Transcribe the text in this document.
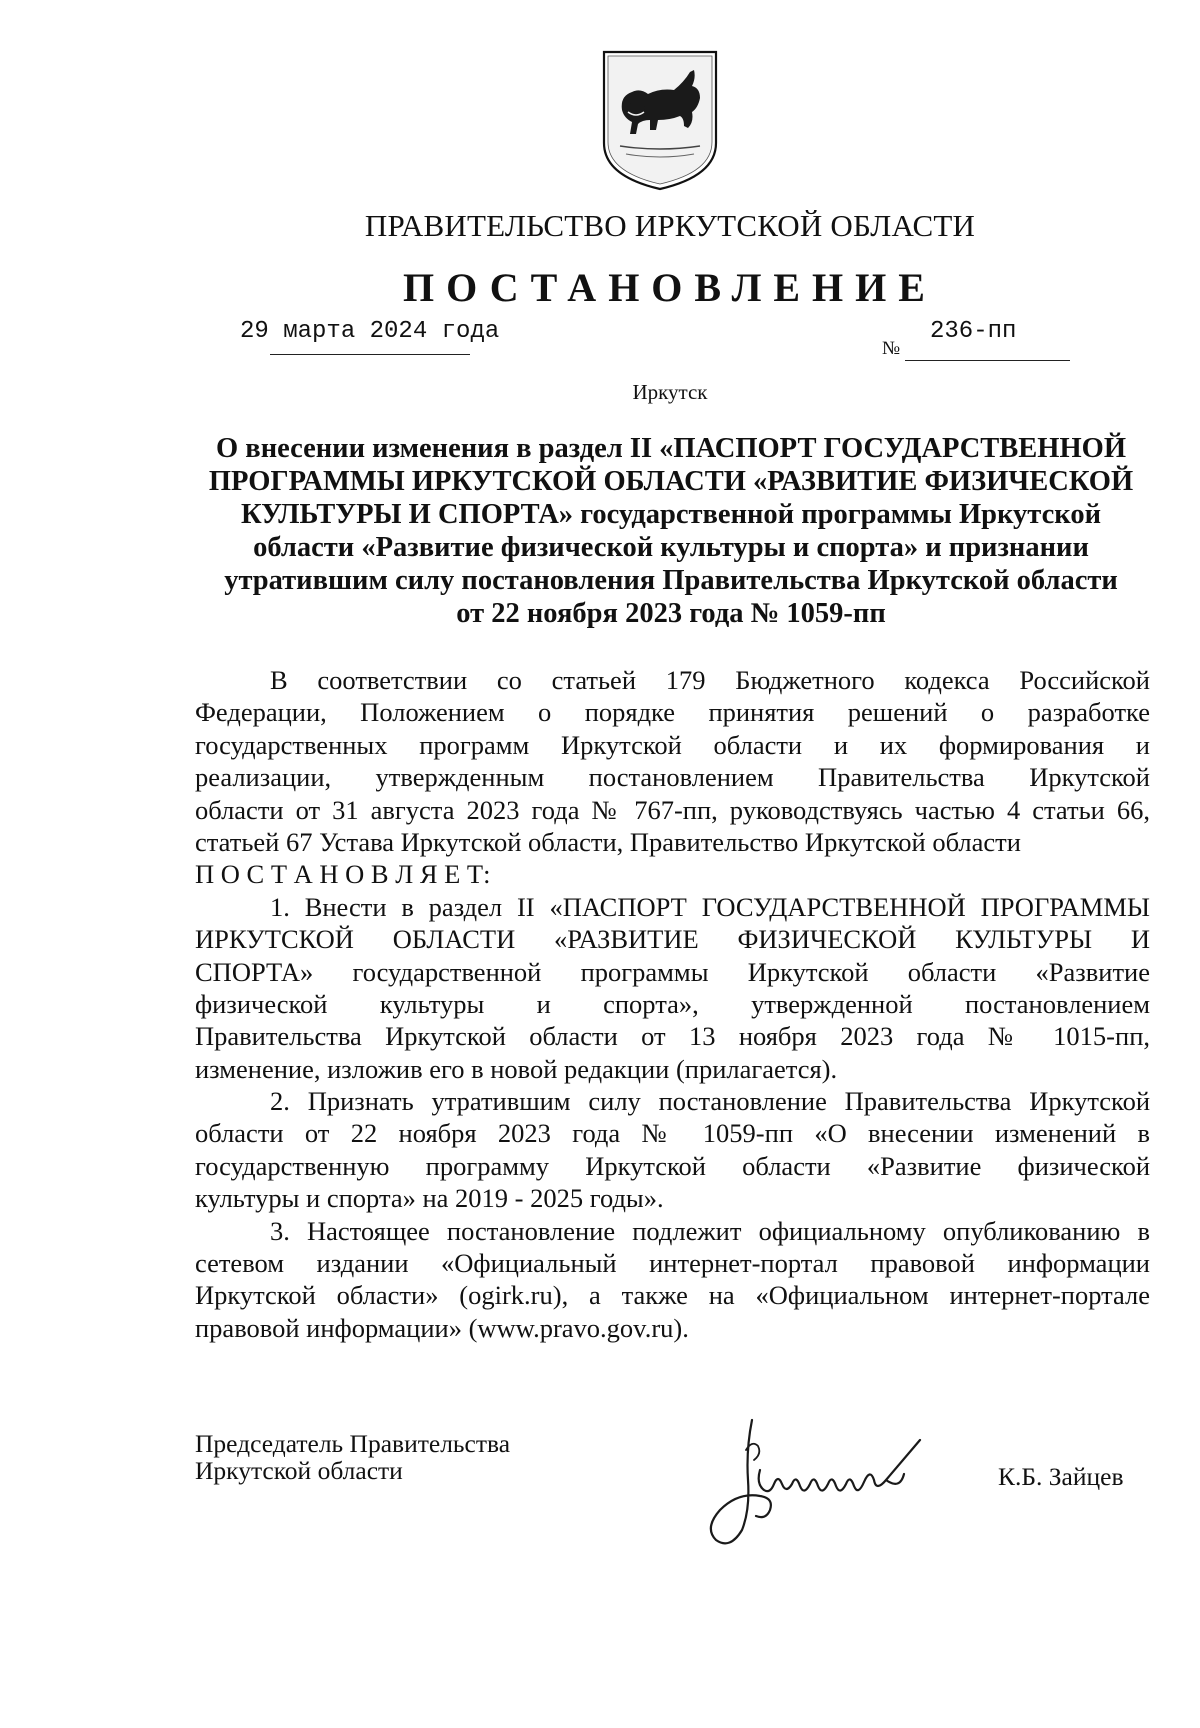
ПРАВИТЕЛЬСТВО ИРКУТСКОЙ ОБЛАСТИ
ПОСТАНОВЛЕНИЕ
29 марта 2024 года
№
236-пп
Иркутск
О внесении изменения в раздел II «ПАСПОРТ ГОСУДАРСТВЕННОЙ
ПРОГРАММЫ ИРКУТСКОЙ ОБЛАСТИ «РАЗВИТИЕ ФИЗИЧЕСКОЙ
КУЛЬТУРЫ И СПОРТА» государственной программы Иркутской
области «Развитие физической культуры и спорта» и признании
утратившим силу постановления Правительства Иркутской области
от 22 ноября 2023 года № 1059-пп
В соответствии со статьей 179 Бюджетного кодекса Российской
Федерации, Положением о порядке принятия решений о разработке
государственных программ Иркутской области и их формирования и
реализации, утвержденным постановлением Правительства Иркутской
области от 31 августа 2023 года № 767-пп, руководствуясь частью 4 статьи 66,
статьей 67 Устава Иркутской области, Правительство Иркутской области
П О С Т А Н О В Л Я Е Т:
1. Внести в раздел II «ПАСПОРТ ГОСУДАРСТВЕННОЙ ПРОГРАММЫ
ИРКУТСКОЙ ОБЛАСТИ «РАЗВИТИЕ ФИЗИЧЕСКОЙ КУЛЬТУРЫ И
СПОРТА» государственной программы Иркутской области «Развитие
физической культуры и спорта», утвержденной постановлением
Правительства Иркутской области от 13 ноября 2023 года № 1015-пп,
изменение, изложив его в новой редакции (прилагается).
2. Признать утратившим силу постановление Правительства Иркутской
области от 22 ноября 2023 года № 1059-пп «О внесении изменений в
государственную программу Иркутской области «Развитие физической
культуры и спорта» на 2019 - 2025 годы».
3. Настоящее постановление подлежит официальному опубликованию в
сетевом издании «Официальный интернет-портал правовой информации
Иркутской области» (ogirk.ru), а также на «Официальном интернет-портале
правовой информации» (www.pravo.gov.ru).
Председатель Правительства
Иркутской области	К.Б. Зайцев
